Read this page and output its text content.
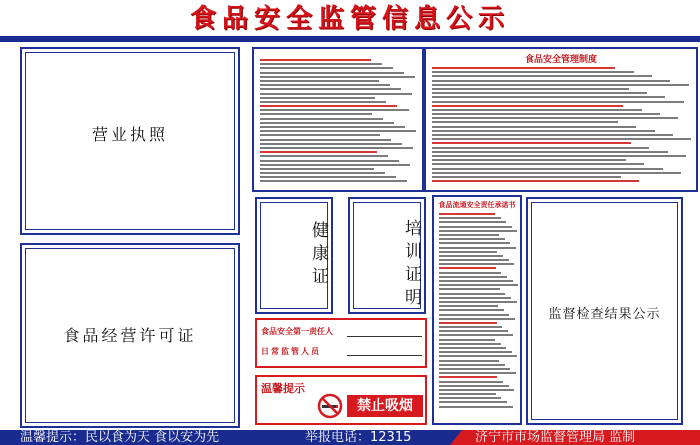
食品安全监管信息公示
营业执照
食品经营许可证
食品安全管理制度
健康证	培训证明
食品安全第一责任人
日常监管人员
温馨提示
禁止吸烟
食品流通安全责任承诺书
监督检查结果公示
温馨提示：民以食为天 食以安为先	举报电话：12315	济宁市市场监督管理局 监制
